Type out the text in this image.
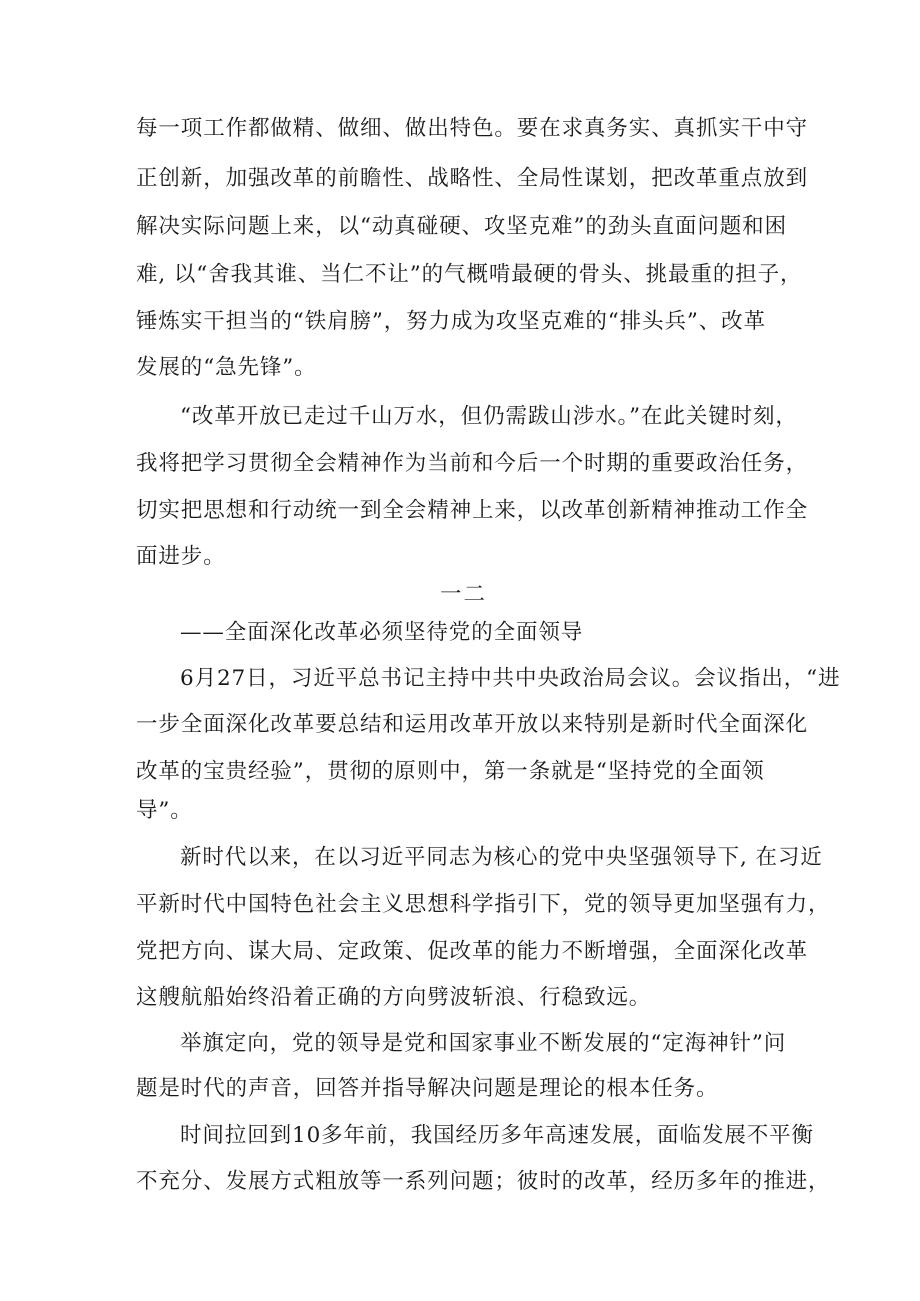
每一项工作都做精、做细、做出特色。要在求真务实、真抓实干中守
正创新，加强改革的前瞻性、战略性、全局性谋划，把改革重点放到
解决实际问题上来，以“动真碰硬、攻坚克难”的劲头直面问题和困
难, 以“舍我其谁、当仁不让”的气概啃最硬的骨头、挑最重的担子，
锤炼实干担当的“铁肩膀”，努力成为攻坚克难的“排头兵”、改革
发展的“急先锋”。
“改革开放已走过千山万水，但仍需跋山涉水。”在此关键时刻，
我将把学习贯彻全会精神作为当前和今后一个时期的重要政治任务，
切实把思想和行动统一到全会精神上来，以改革创新精神推动工作全
面进步。
一二
——全面深化改革必须坚待党的全面领导
6月27日，习近平总书记主持中共中央政治局会议。会议指出，“进
一步全面深化改革要总结和运用改革开放以来特别是新时代全面深化
改革的宝贵经验”，贯彻的原则中，第一条就是“坚持党的全面领
导”。
新时代以来，在以习近平同志为核心的党中央坚强领导下, 在习近
平新时代中国特色社会主义思想科学指引下，党的领导更加坚强有力，
党把方向、谋大局、定政策、促改革的能力不断增强，全面深化改革
这艘航船始终沿着正确的方向劈波斩浪、行稳致远。
举旗定向，党的领导是党和国家事业不断发展的“定海神针”问
题是时代的声音，回答并指导解决问题是理论的根本任务。
时间拉回到10多年前，我国经历多年高速发展，面临发展不平衡
不充分、发展方式粗放等一系列问题；彼时的改革，经历多年的推进，
